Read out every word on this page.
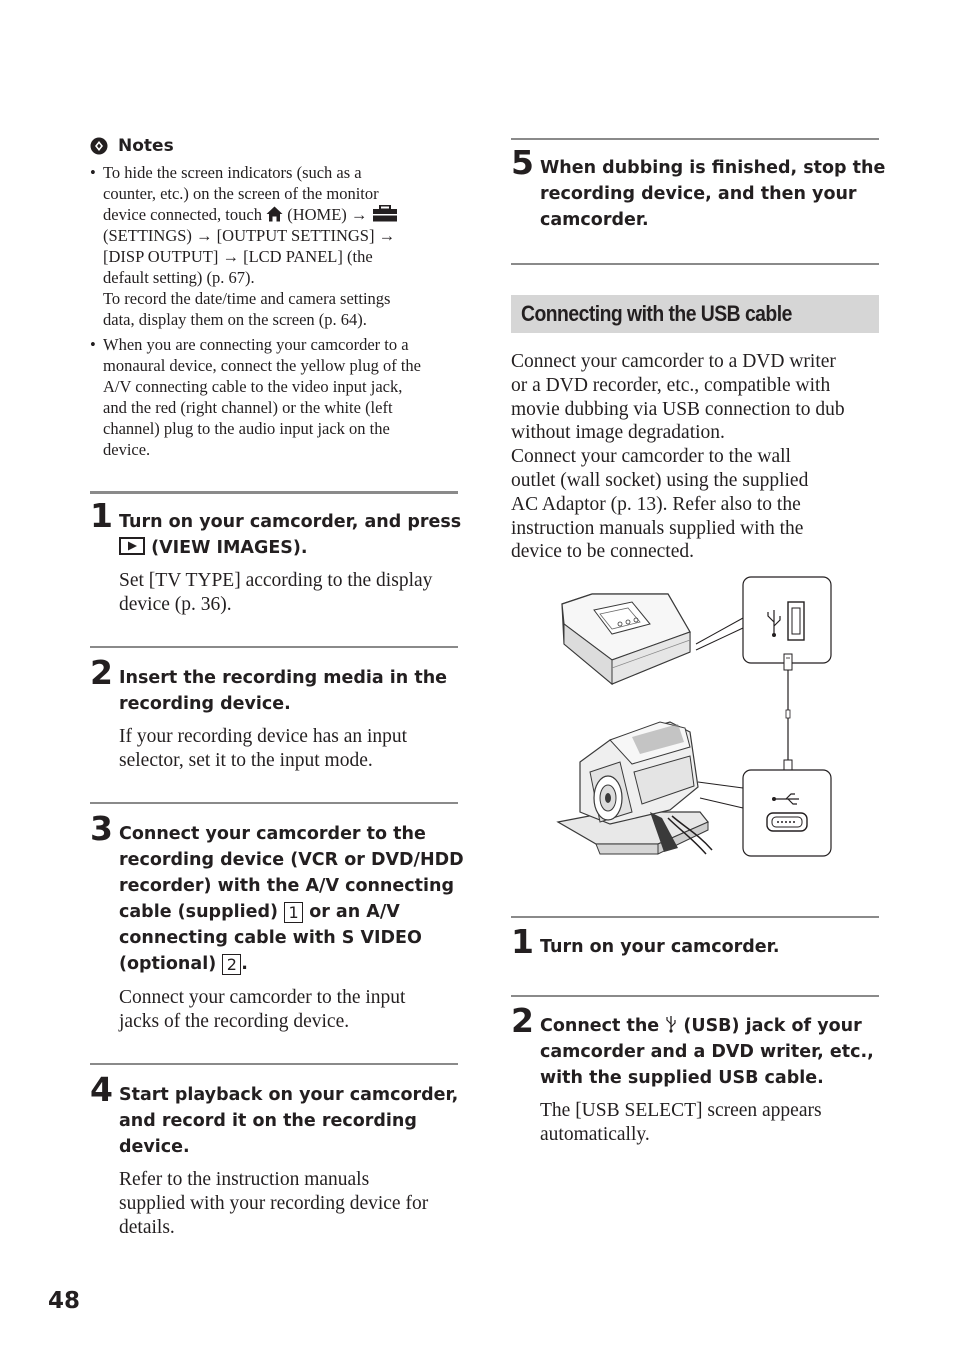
Notes
• To hide the screen indicators (such as a
counter, etc.) on the screen of the monitor
device connected, touch (HOME) →
(SETTINGS) → [OUTPUT SETTINGS] →
[DISP OUTPUT] → [LCD PANEL] (the
default setting) (p. 67).
To record the date/time and camera settings
data, display them on the screen (p. 64).
• When you are connecting your camcorder to a
monaural device, connect the yellow plug of the
A/V connecting cable to the video input jack,
and the red (right channel) or the white (left
channel) plug to the audio input jack on the
device.
1 Turn on your camcorder, and press
(VIEW IMAGES).
Set [TV TYPE] according to the display
device (p. 36).
2 Insert the recording media in the
recording device.
If your recording device has an input
selector, set it to the input mode.
3 Connect your camcorder to the
recording device (VCR or DVD/HDD
recorder) with the A/V connecting
cable (supplied) 1 or an A/V
connecting cable with S VIDEO
(optional) 2 .
Connect your camcorder to the input
jacks of the recording device.
4 Start playback on your camcorder,
and record it on the recording
device.
Refer to the instruction manuals
supplied with your recording device for
details.
5 When dubbing is finished, stop the
recording device, and then your
camcorder.
Connecting with the USB cable
Connect your camcorder to a DVD writer
or a DVD recorder, etc., compatible with
movie dubbing via USB connection to dub
without image degradation.
Connect your camcorder to the wall
outlet (wall socket) using the supplied
AC Adaptor (p. 13). Refer also to the
instruction manuals supplied with the
device to be connected.
1 Turn on your camcorder.
2 Connect the (USB) jack of your
camcorder and a DVD writer, etc.,
with the supplied USB cable.
The [USB SELECT] screen appears
automatically.
48
